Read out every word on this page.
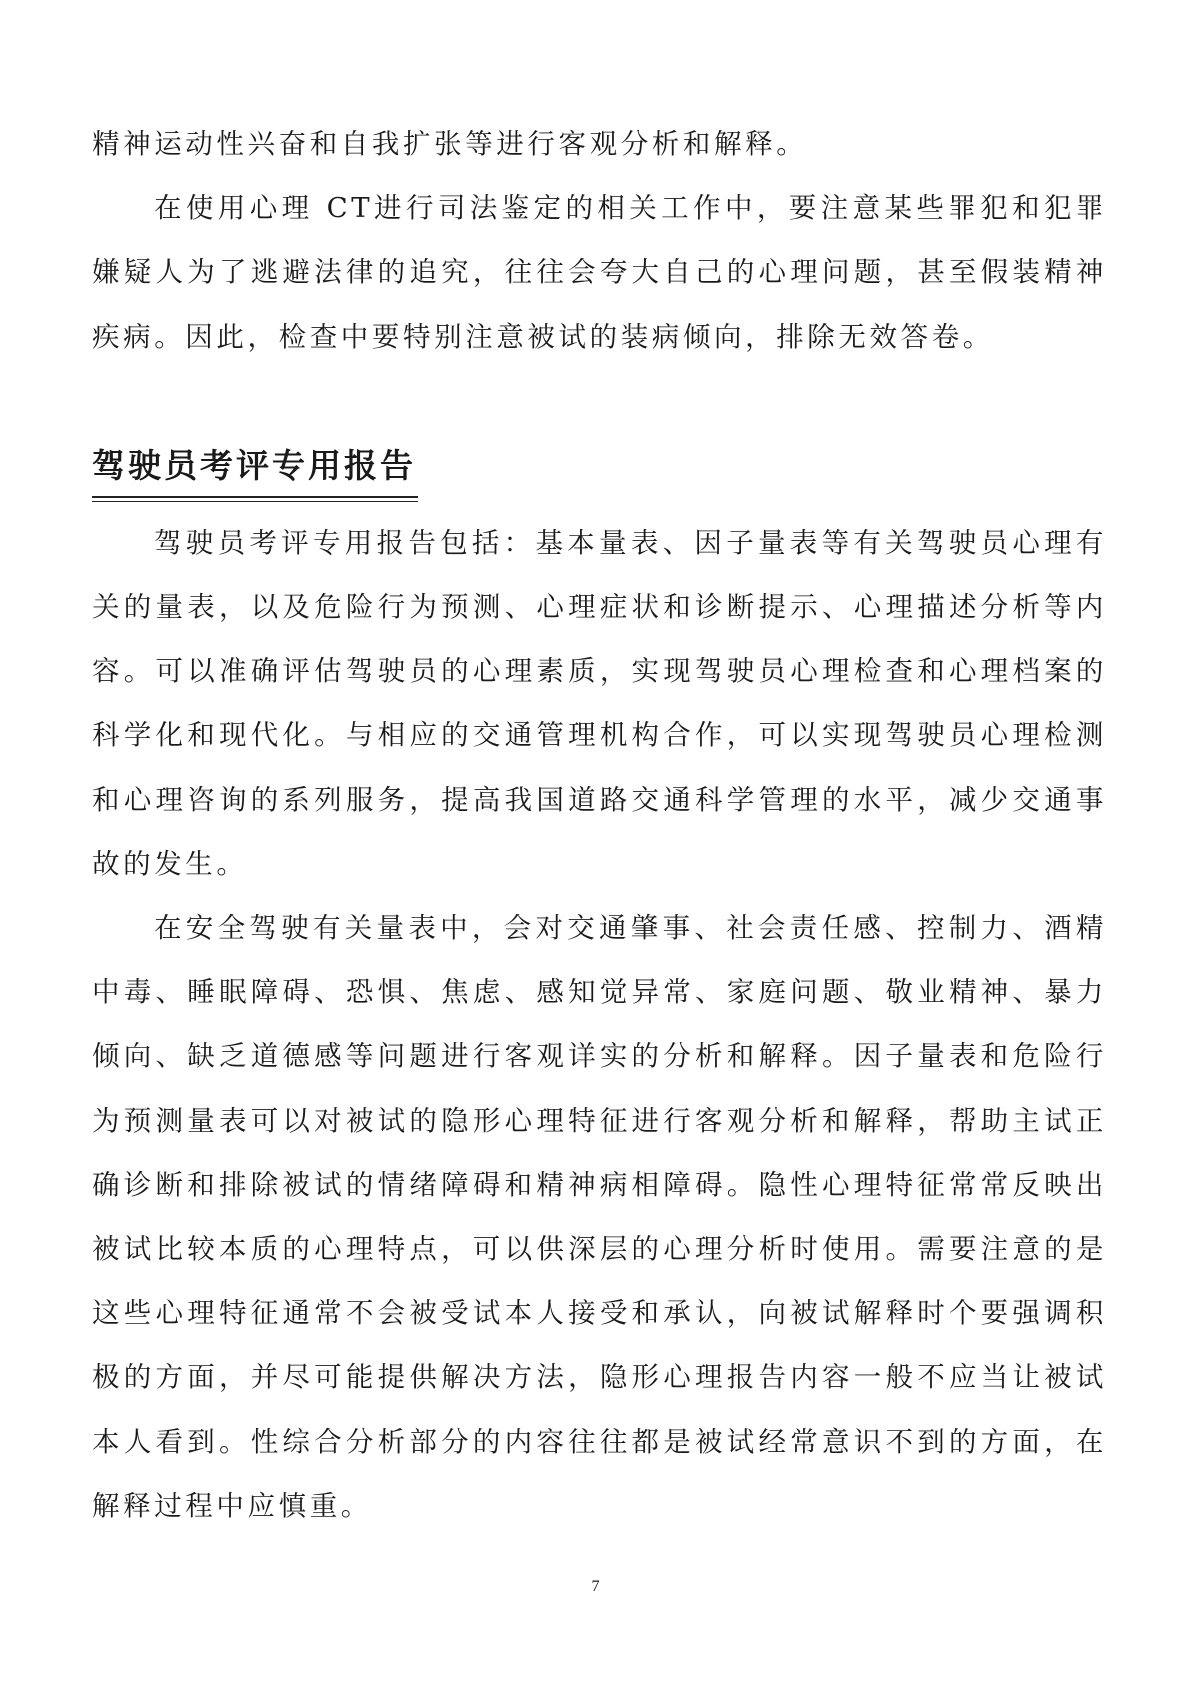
精神运动性兴奋和自我扩张等进行客观分析和解释。

在使用心理 CT进行司法鉴定的相关工作中，要注意某些罪犯和犯罪嫌疑人为了逃避法律的追究，往往会夸大自己的心理问题，甚至假装精神疾病。因此，检查中要特别注意被试的装病倾向，排除无效答卷。

驾驶员考评专用报告

驾驶员考评专用报告包括：基本量表、因子量表等有关驾驶员心理有关的量表，以及危险行为预测、心理症状和诊断提示、心理描述分析等内容。可以准确评估驾驶员的心理素质，实现驾驶员心理检查和心理档案的科学化和现代化。与相应的交通管理机构合作，可以实现驾驶员心理检测和心理咨询的系列服务，提高我国道路交通科学管理的水平，减少交通事故的发生。

在安全驾驶有关量表中，会对交通肇事、社会责任感、控制力、酒精中毒、睡眠障碍、恐惧、焦虑、感知觉异常、家庭问题、敬业精神、暴力倾向、缺乏道德感等问题进行客观详实的分析和解释。因子量表和危险行为预测量表可以对被试的隐形心理特征进行客观分析和解释，帮助主试正确诊断和排除被试的情绪障碍和精神病相障碍。隐性心理特征常常反映出被试比较本质的心理特点，可以供深层的心理分析时使用。需要注意的是这些心理特征通常不会被受试本人接受和承认，向被试解释时个要强调积极的方面，并尽可能提供解决方法，隐形心理报告内容一般不应当让被试本人看到。性综合分析部分的内容往往都是被试经常意识不到的方面，在解释过程中应慎重。

7
